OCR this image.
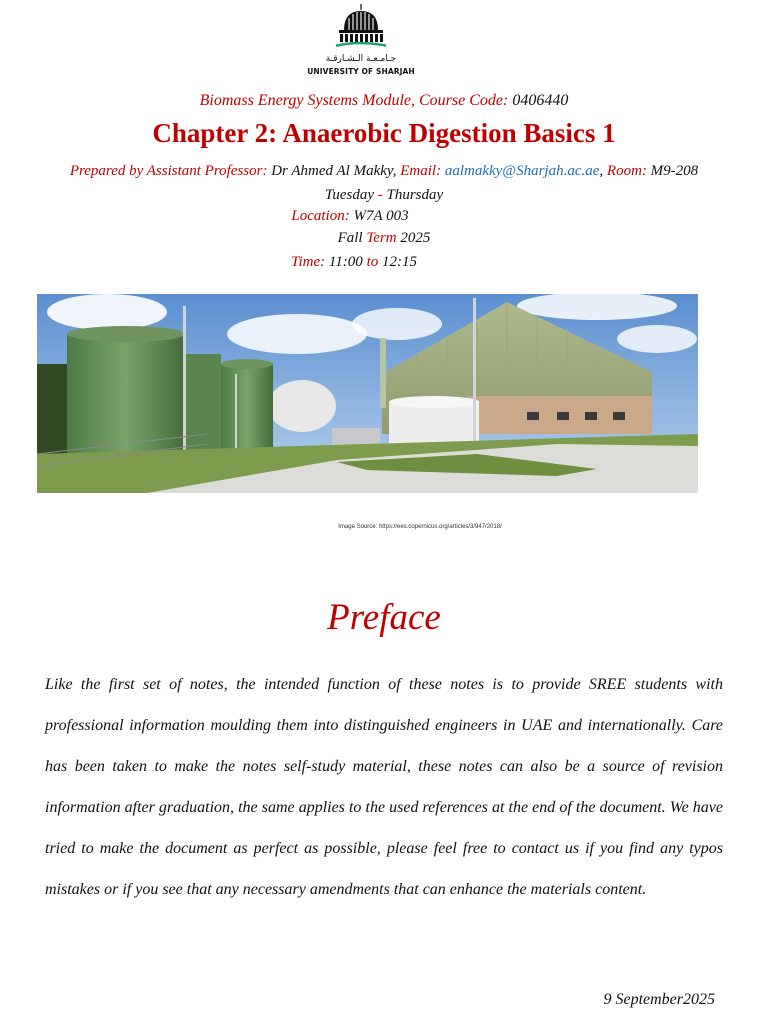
جـامـعـة الـشـارقـة
UNIVERSITY OF SHARJAH
Biomass Energy Systems Module, Course Code: 0406440
Chapter 2: Anaerobic Digestion Basics 1
Prepared by Assistant Professor: Dr Ahmed Al Makky, Email: aalmakky@Sharjah.ac.ae, Room: M9-208
Tuesday - Thursday
Location: W7A 003
Fall Term 2025
Time: 11:00 to 12:15
Image Source: https://ees.copernicus.org/articles/3/947/2018/
Preface
Like the first set of notes, the intended function of these notes is to provide SREE students with professional information moulding them into distinguished engineers in UAE and internationally. Care has been taken to make the notes self-study material, these notes can also be a source of revision information after graduation, the same applies to the used references at the end of the document. We have tried to make the document as perfect as possible, please feel free to contact us if you find any typos mistakes or if you see that any necessary amendments that can enhance the materials content.
9 September2025
